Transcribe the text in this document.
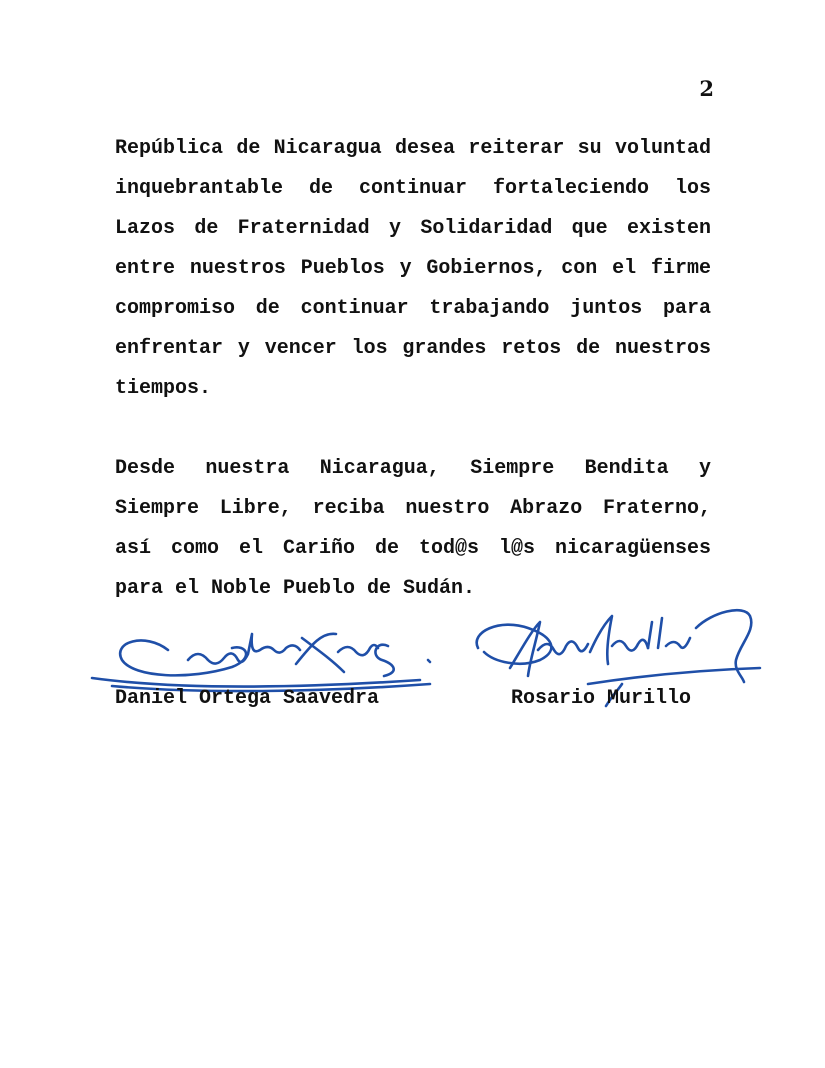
2

República de Nicaragua desea reiterar su voluntad inquebrantable de continuar fortaleciendo los Lazos de Fraternidad y Solidaridad que existen entre nuestros Pueblos y Gobiernos, con el firme compromiso de continuar trabajando juntos para enfrentar y vencer los grandes retos de nuestros tiempos.

Desde nuestra Nicaragua, Siempre Bendita y Siempre Libre, reciba nuestro Abrazo Fraterno, así como el Cariño de tod@s l@s nicaragüenses para el Noble Pueblo de Sudán.

Daniel Ortega Saavedra	Rosario Murillo
